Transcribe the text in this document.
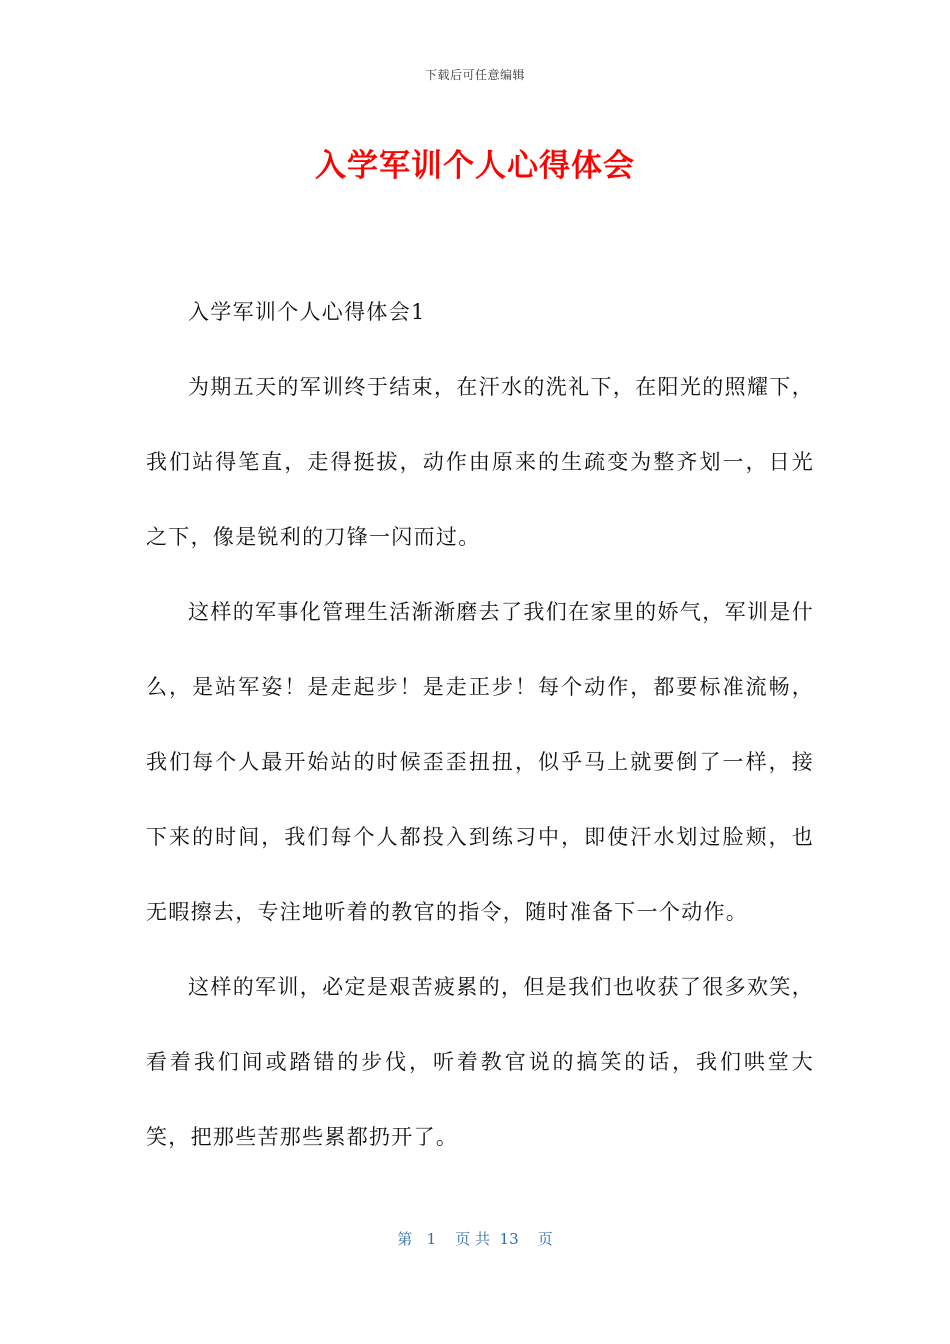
下载后可任意编辑
入学军训个人心得体会

入学军训个人心得体会1

为期五天的军训终于结束，在汗水的洗礼下，在阳光的照耀下，我们站得笔直，走得挺拔，动作由原来的生疏变为整齐划一，日光之下，像是锐利的刀锋一闪而过。

这样的军事化管理生活渐渐磨去了我们在家里的娇气，军训是什么，是站军姿！是走起步！是走正步！每个动作，都要标准流畅，我们每个人最开始站的时候歪歪扭扭，似乎马上就要倒了一样，接下来的时间，我们每个人都投入到练习中，即使汗水划过脸颊，也无暇擦去，专注地听着的教官的指令，随时准备下一个动作。

这样的军训，必定是艰苦疲累的，但是我们也收获了很多欢笑，看着我们间或踏错的步伐，听着教官说的搞笑的话，我们哄堂大笑，把那些苦那些累都扔开了。

第 1 页 共 13 页
